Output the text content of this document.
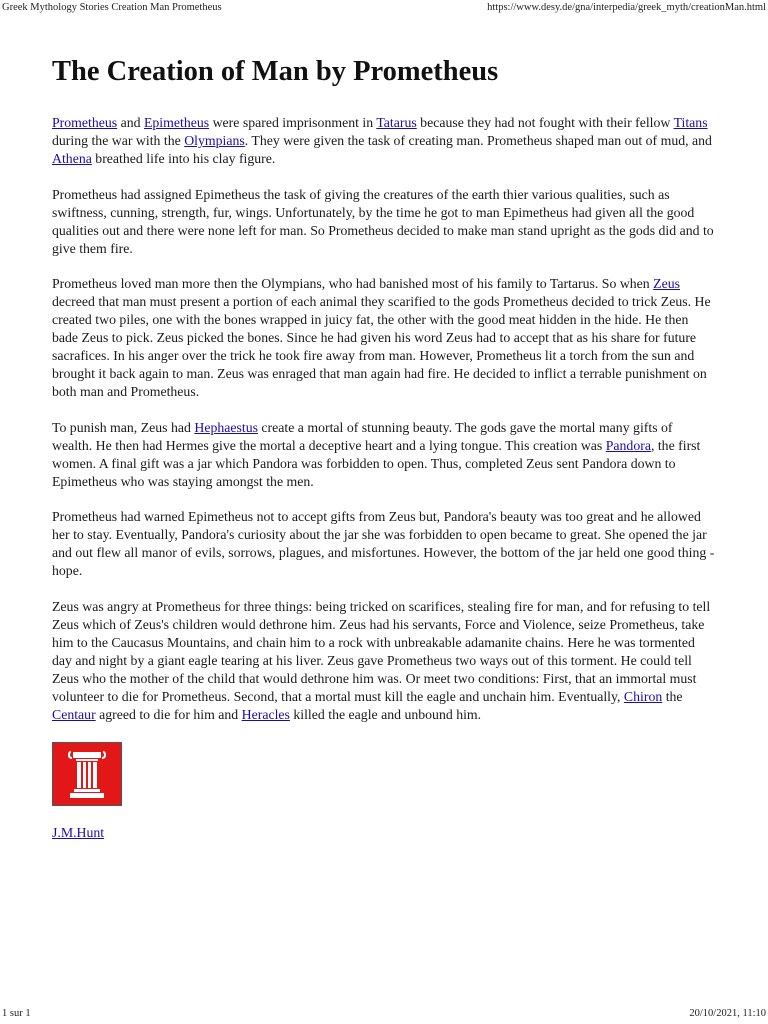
Greek Mythology Stories Creation Man Prometheus	https://www.desy.de/gna/interpedia/greek_myth/creationMan.html
The Creation of Man by Prometheus

Prometheus and Epimetheus were spared imprisonment in Tatarus because they had not fought with their fellow Titans during the war with the Olympians. They were given the task of creating man. Prometheus shaped man out of mud, and Athena breathed life into his clay figure.

Prometheus had assigned Epimetheus the task of giving the creatures of the earth thier various qualities, such as swiftness, cunning, strength, fur, wings. Unfortunately, by the time he got to man Epimetheus had given all the good qualities out and there were none left for man. So Prometheus decided to make man stand upright as the gods did and to give them fire.

Prometheus loved man more then the Olympians, who had banished most of his family to Tartarus. So when Zeus decreed that man must present a portion of each animal they scarified to the gods Prometheus decided to trick Zeus. He created two piles, one with the bones wrapped in juicy fat, the other with the good meat hidden in the hide. He then bade Zeus to pick. Zeus picked the bones. Since he had given his word Zeus had to accept that as his share for future sacrafices. In his anger over the trick he took fire away from man. However, Prometheus lit a torch from the sun and brought it back again to man. Zeus was enraged that man again had fire. He decided to inflict a terrable punishment on both man and Prometheus.

To punish man, Zeus had Hephaestus create a mortal of stunning beauty. The gods gave the mortal many gifts of wealth. He then had Hermes give the mortal a deceptive heart and a lying tongue. This creation was Pandora, the first women. A final gift was a jar which Pandora was forbidden to open. Thus, completed Zeus sent Pandora down to Epimetheus who was staying amongst the men.

Prometheus had warned Epimetheus not to accept gifts from Zeus but, Pandora's beauty was too great and he allowed her to stay. Eventually, Pandora's curiosity about the jar she was forbidden to open became to great. She opened the jar and out flew all manor of evils, sorrows, plagues, and misfortunes. However, the bottom of the jar held one good thing - hope.

Zeus was angry at Prometheus for three things: being tricked on scarifices, stealing fire for man, and for refusing to tell Zeus which of Zeus's children would dethrone him. Zeus had his servants, Force and Violence, seize Prometheus, take him to the Caucasus Mountains, and chain him to a rock with unbreakable adamanite chains. Here he was tormented day and night by a giant eagle tearing at his liver. Zeus gave Prometheus two ways out of this torment. He could tell Zeus who the mother of the child that would dethrone him was. Or meet two conditions: First, that an immortal must volunteer to die for Prometheus. Second, that a mortal must kill the eagle and unchain him. Eventually, Chiron the Centaur agreed to die for him and Heracles killed the eagle and unbound him.

J.M.Hunt
1 sur 1	20/10/2021, 11:10
